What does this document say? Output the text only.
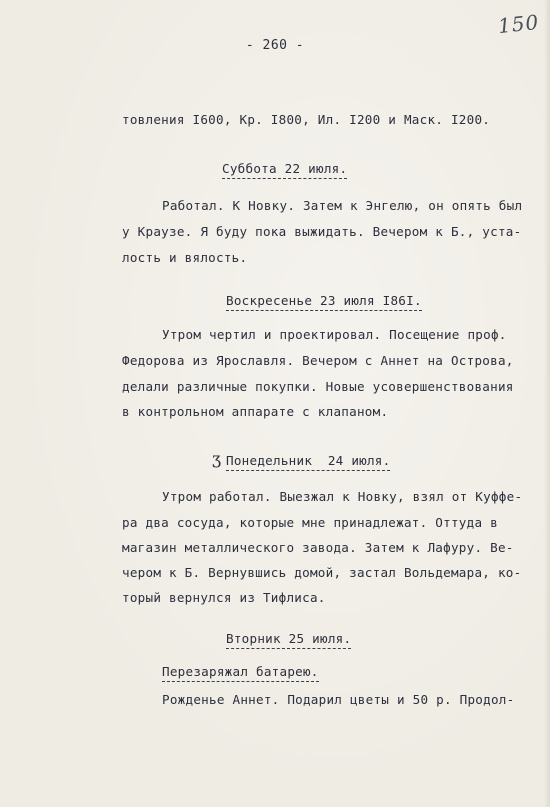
- 260 -
150
товления I600, Кр. I800, Ил. I200 и Маск. I200.
Суббота 22 июля.
Работал. К Новку. Затем к Энгелю, он опять был
у Краузе. Я буду пока выжидать. Вечером к Б., уста-
лость и вялость.
Воскресенье 23 июля I86I.
Утром чертил и проектировал. Посещение проф.
Федорова из Ярославля. Вечером с Аннет на Острова,
делали различные покупки. Новые усовершенствования
в контрольном аппарате с клапаном.
ʒ Понедельник  24 июля.
Утром работал. Выезжал к Новку, взял от Куффе-
ра два сосуда, которые мне принадлежат. Оттуда в
магазин металлического завода. Затем к Лафуру. Ве-
чером к Б. Вернувшись домой, застал Вольдемара, ко-
торый вернулся из Тифлиса.
Вторник 25 июля.
Перезаряжал батарею.
Рожденье Аннет. Подарил цветы и 50 р. Продол-
